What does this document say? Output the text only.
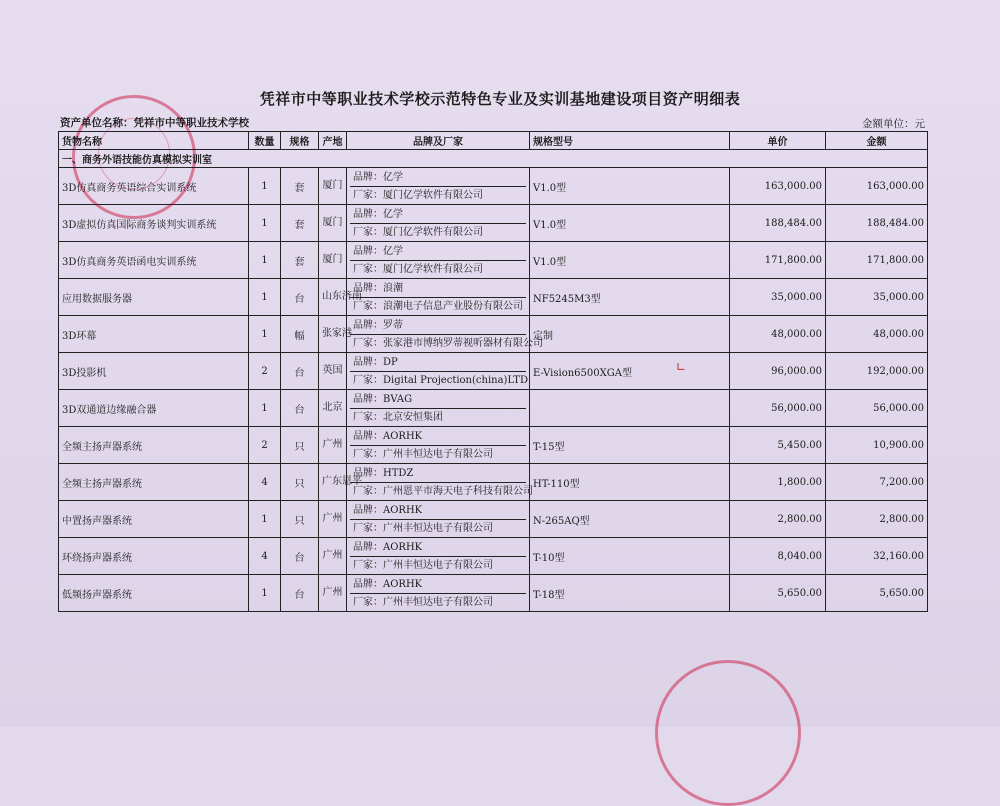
凭祥市中等职业技术学校示范特色专业及实训基地建设项目资产明细表
资产单位名称：凭祥市中等职业技术学校	金额单位：元
货物名称	数量	规格	产地	品牌及厂家	规格型号	单价	金额
一、商务外语技能仿真模拟实训室							
3D仿真商务英语综合实训系统	1	套	厦门	品牌：亿学
厂家：厦门亿学软件有限公司	V1.0型	163,000.00	163,000.00
3D虚拟仿真国际商务谈判实训系统	1	套	厦门	品牌：亿学
厂家：厦门亿学软件有限公司	V1.0型	188,484.00	188,484.00
3D仿真商务英语函电实训系统	1	套	厦门	品牌：亿学
厂家：厦门亿学软件有限公司	V1.0型	171,800.00	171,800.00
应用数据服务器	1	台	山东济南	品牌：浪潮
厂家：浪潮电子信息产业股份有限公司	NF5245M3型	35,000.00	35,000.00
3D环幕	1	幅	张家港	品牌：罗蒂
厂家：张家港市博纳罗蒂视听器材有限公司	定制	48,000.00	48,000.00
3D投影机	2	台	英国	品牌：DP
厂家：Digital Projection(china)LTD	E-Vision6500XGA型	96,000.00	192,000.00
3D双通道边缘融合器	1	台	北京	品牌：BVAG
厂家：北京安恒集团		56,000.00	56,000.00
全频主扬声器系统	2	只	广州	品牌：AORHK
厂家：广州丰恒达电子有限公司	T-15型	5,450.00	10,900.00
全频主扬声器系统	4	只	广东恩平	品牌：HTDZ
厂家：广州恩平市海天电子科技有限公司	HT-110型	1,800.00	7,200.00
中置扬声器系统	1	只	广州	品牌：AORHK
厂家：广州丰恒达电子有限公司	N-265AQ型	2,800.00	2,800.00
环绕扬声器系统	4	台	广州	品牌：AORHK
厂家：广州丰恒达电子有限公司	T-10型	8,040.00	32,160.00
低频扬声器系统	1	台	广州	品牌：AORHK
厂家：广州丰恒达电子有限公司	T-18型	5,650.00	5,650.00
∟
